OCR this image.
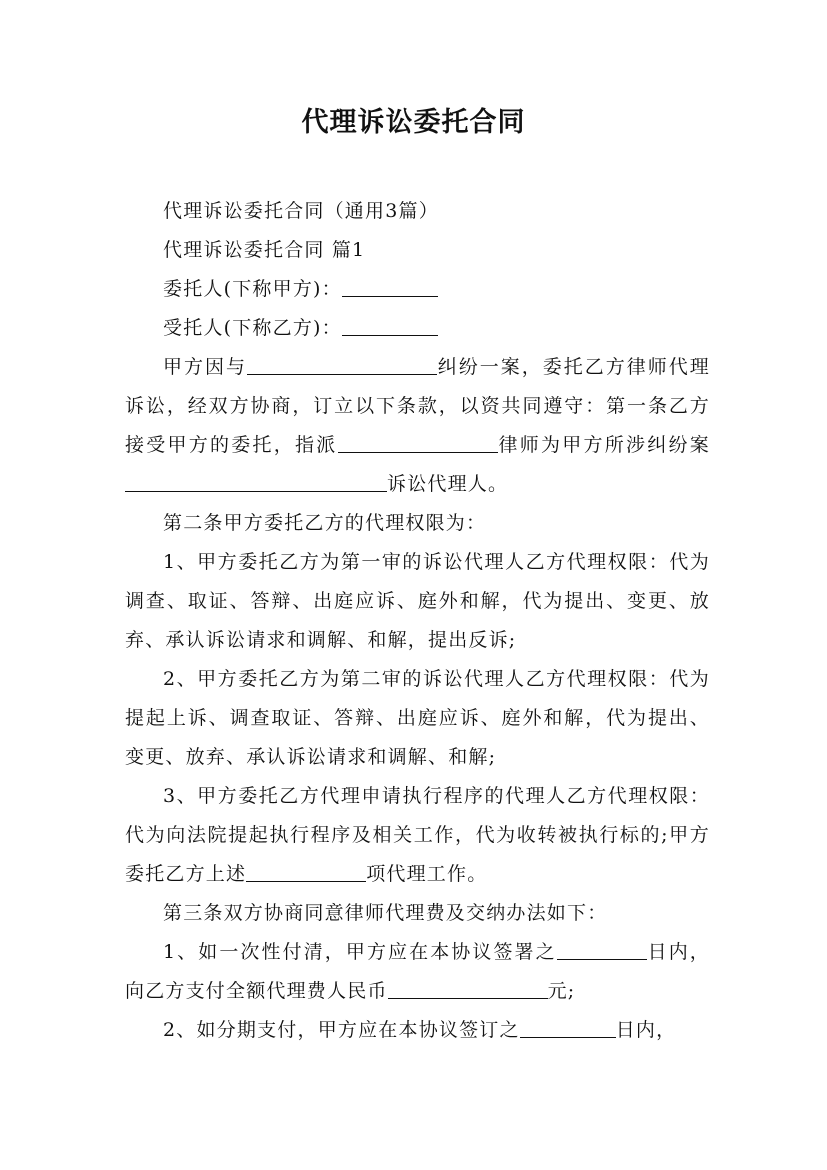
代理诉讼委托合同

代理诉讼委托合同（通用3篇）

代理诉讼委托合同 篇1

委托人(下称甲方)：

受托人(下称乙方)：

甲方因与	纠纷一案，委托乙方律师代理诉讼，经双方协商，订立以下条款，以资共同遵守：第一条乙方接受甲方的委托，指派	律师为甲方所涉纠纷案诉讼代理人。

第二条甲方委托乙方的代理权限为：

1、甲方委托乙方为第一审的诉讼代理人乙方代理权限：代为调查、取证、答辩、出庭应诉、庭外和解，代为提出、变更、放弃、承认诉讼请求和调解、和解，提出反诉;

2、甲方委托乙方为第二审的诉讼代理人乙方代理权限：代为提起上诉、调查取证、答辩、出庭应诉、庭外和解，代为提出、变更、放弃、承认诉讼请求和调解、和解;

3、甲方委托乙方代理申请执行程序的代理人乙方代理权限：代为向法院提起执行程序及相关工作，代为收转被执行标的;甲方委托乙方上述	项代理工作。

第三条双方协商同意律师代理费及交纳办法如下：

1、如一次性付清，甲方应在本协议签署之	日内，向乙方支付全额代理费人民币	元;

2、如分期支付，甲方应在本协议签订之	日内，
